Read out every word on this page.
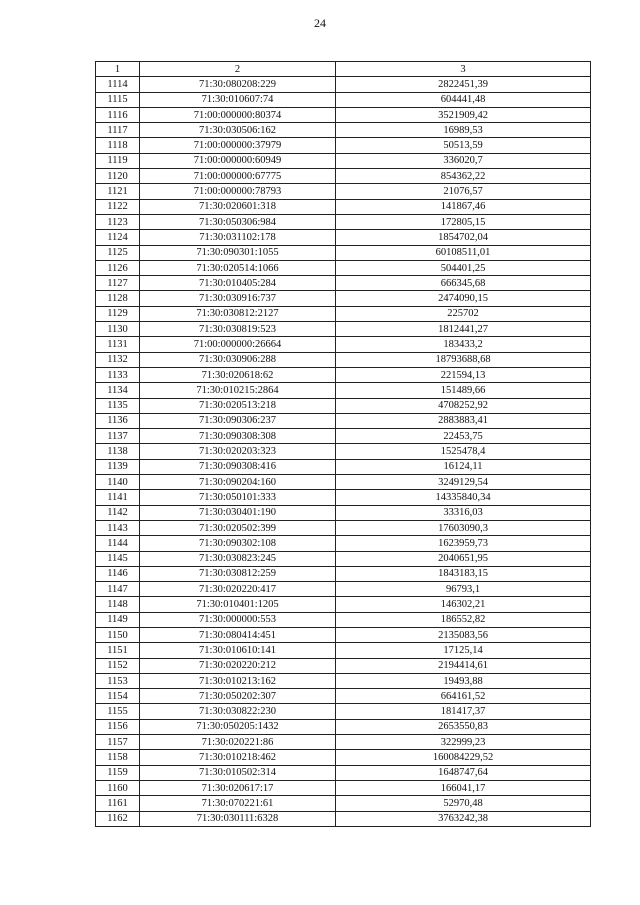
24
1	2	3
1114	71:30:080208:229	2822451,39
1115	71:30:010607:74	604441,48
1116	71:00:000000:80374	3521909,42
1117	71:30:030506:162	16989,53
1118	71:00:000000:37979	50513,59
1119	71:00:000000:60949	336020,7
1120	71:00:000000:67775	854362,22
1121	71:00:000000:78793	21076,57
1122	71:30:020601:318	141867,46
1123	71:30:050306:984	172805,15
1124	71:30:031102:178	1854702,04
1125	71:30:090301:1055	60108511,01
1126	71:30:020514:1066	504401,25
1127	71:30:010405:284	666345,68
1128	71:30:030916:737	2474090,15
1129	71:30:030812:2127	225702
1130	71:30:030819:523	1812441,27
1131	71:00:000000:26664	183433,2
1132	71:30:030906:288	18793688,68
1133	71:30:020618:62	221594,13
1134	71:30:010215:2864	151489,66
1135	71:30:020513:218	4708252,92
1136	71:30:090306:237	2883883,41
1137	71:30:090308:308	22453,75
1138	71:30:020203:323	1525478,4
1139	71:30:090308:416	16124,11
1140	71:30:090204:160	3249129,54
1141	71:30:050101:333	14335840,34
1142	71:30:030401:190	33316,03
1143	71:30:020502:399	17603090,3
1144	71:30:090302:108	1623959,73
1145	71:30:030823:245	2040651,95
1146	71:30:030812:259	1843183,15
1147	71:30:020220:417	96793,1
1148	71:30:010401:1205	146302,21
1149	71:30:000000:553	186552,82
1150	71:30:080414:451	2135083,56
1151	71:30:010610:141	17125,14
1152	71:30:020220:212	2194414,61
1153	71:30:010213:162	19493,88
1154	71:30:050202:307	664161,52
1155	71:30:030822:230	181417,37
1156	71:30:050205:1432	2653550,83
1157	71:30:020221:86	322999,23
1158	71:30:010218:462	160084229,52
1159	71:30:010502:314	1648747,64
1160	71:30:020617:17	166041,17
1161	71:30:070221:61	52970,48
1162	71:30:030111:6328	3763242,38
